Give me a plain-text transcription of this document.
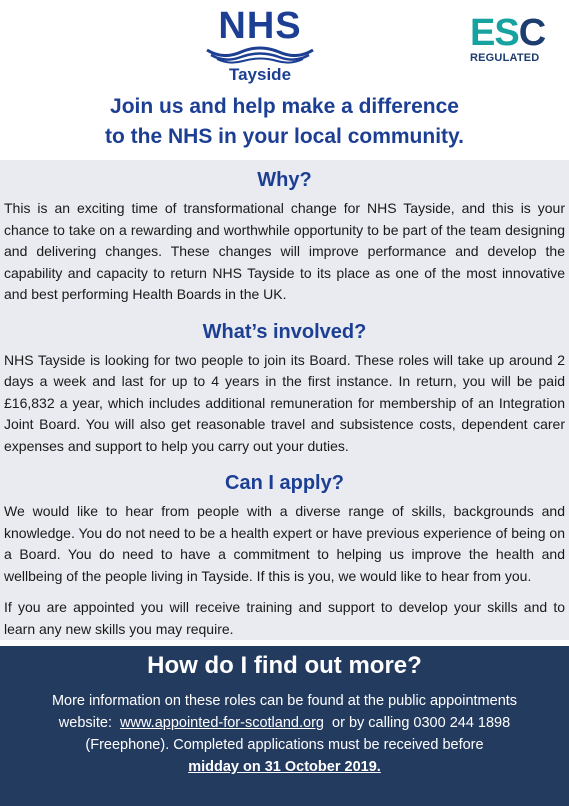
NHS
Tayside
ESC
REGULATED
Join us and help make a difference
to the NHS in your local community.
Why?

This is an exciting time of transformational change for NHS Tayside, and this is your chance to take on a rewarding and worthwhile opportunity to be part of the team designing and delivering changes. These changes will improve performance and develop the capability and capacity to return NHS Tayside to its place as one of the most innovative and best performing Health Boards in the UK.

What’s involved?

NHS Tayside is looking for two people to join its Board. These roles will take up around 2 days a week and last for up to 4 years in the first instance. In return, you will be paid £16,832 a year, which includes additional remuneration for membership of an Integration Joint Board. You will also get reasonable travel and subsistence costs, dependent carer expenses and support to help you carry out your duties.

Can I apply?

We would like to hear from people with a diverse range of skills, backgrounds and knowledge. You do not need to be a health expert or have previous experience of being on a Board. You do need to have a commitment to helping us improve the health and wellbeing of the people living in Tayside. If this is you, we would like to hear from you.

If you are appointed you will receive training and support to develop your skills and to learn any new skills you may require.

How do I find out more?
More information on these roles can be found at the public appointments
website:  www.appointed-for-scotland.org  or by calling 0300 244 1898
(Freephone). Completed applications must be received before
midday on 31 October 2019.
